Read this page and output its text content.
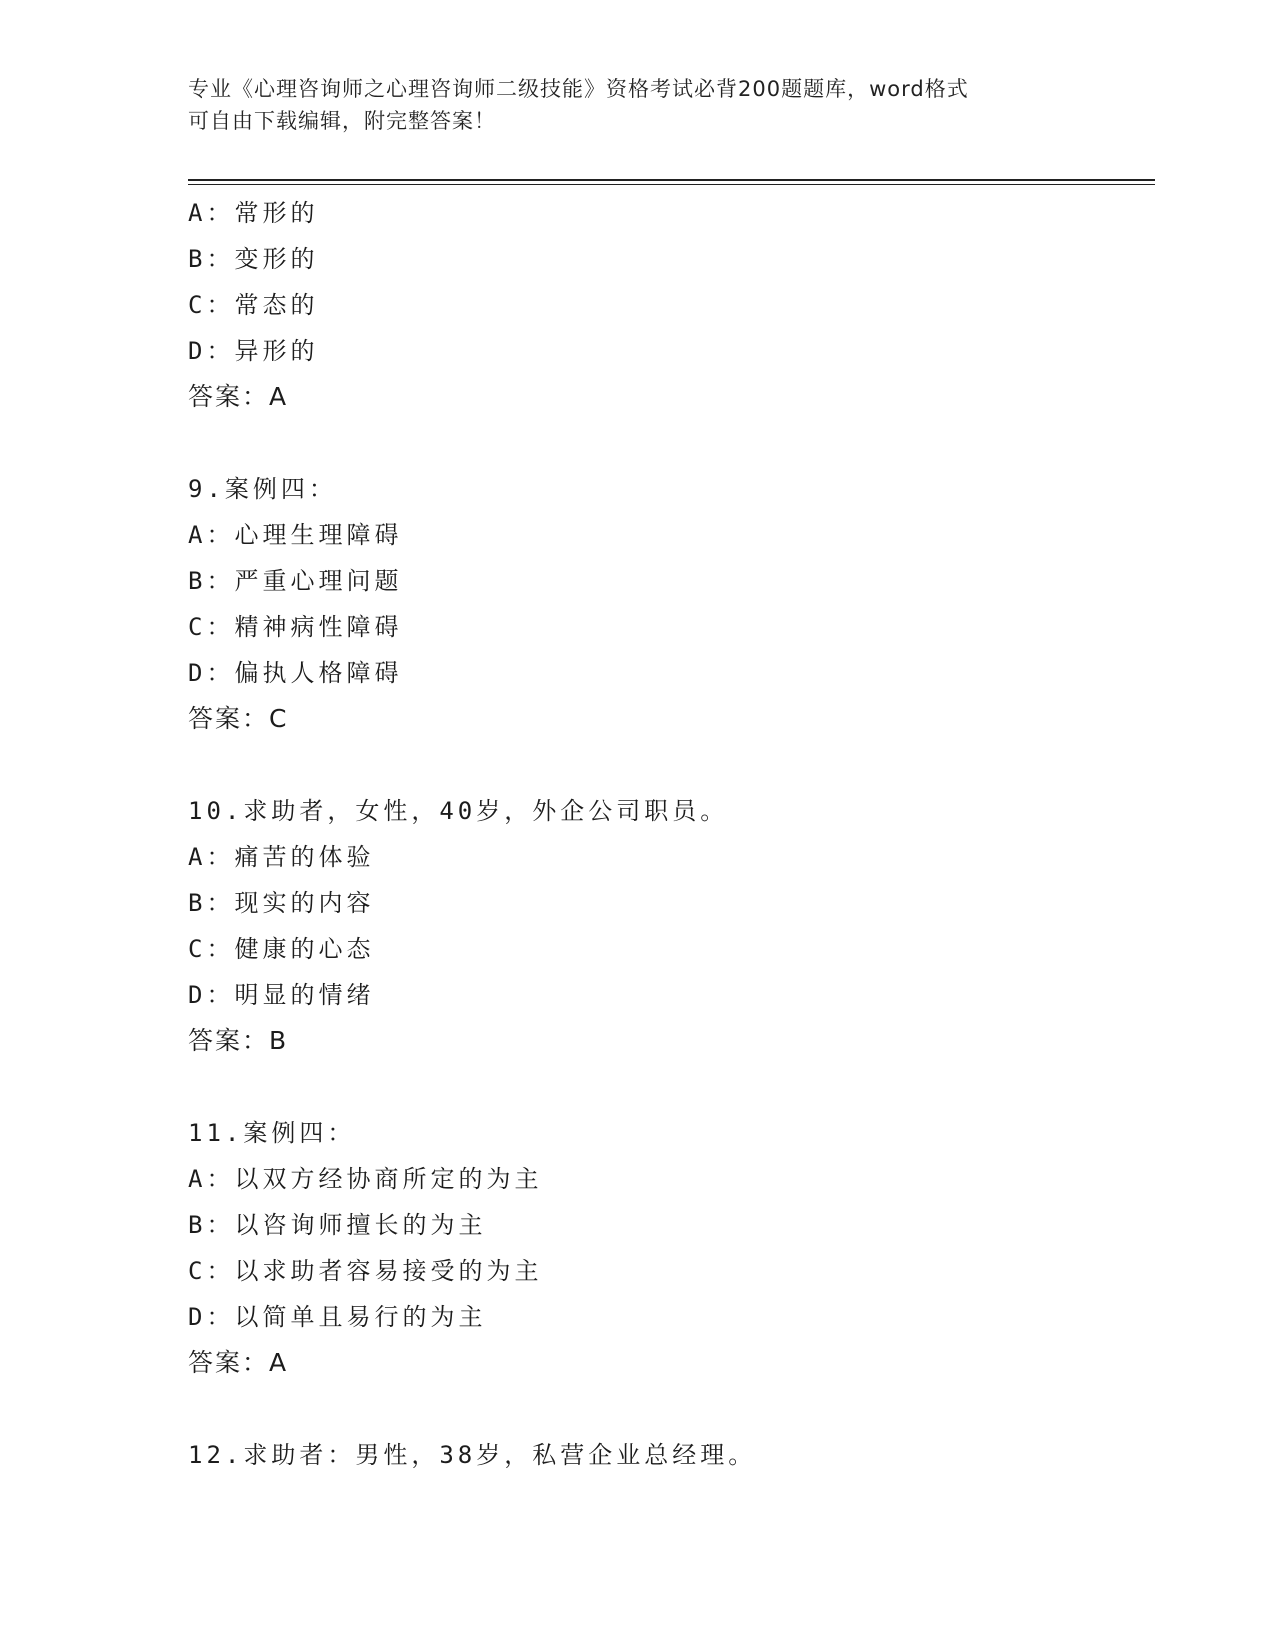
专业《心理咨询师之心理咨询师二级技能》资格考试必背200题题库，word格式
可自由下载编辑，附完整答案！
A：常形的
B：变形的
C：常态的
D：异形的
答案：A
9.案例四：
A：心理生理障碍
B：严重心理问题
C：精神病性障碍
D：偏执人格障碍
答案：C
10.求助者，女性，40岁，外企公司职员。
A：痛苦的体验
B：现实的内容
C：健康的心态
D：明显的情绪
答案：B
11.案例四：
A：以双方经协商所定的为主
B：以咨询师擅长的为主
C：以求助者容易接受的为主
D：以简单且易行的为主
答案：A
12.求助者：男性，38岁，私营企业总经理。
